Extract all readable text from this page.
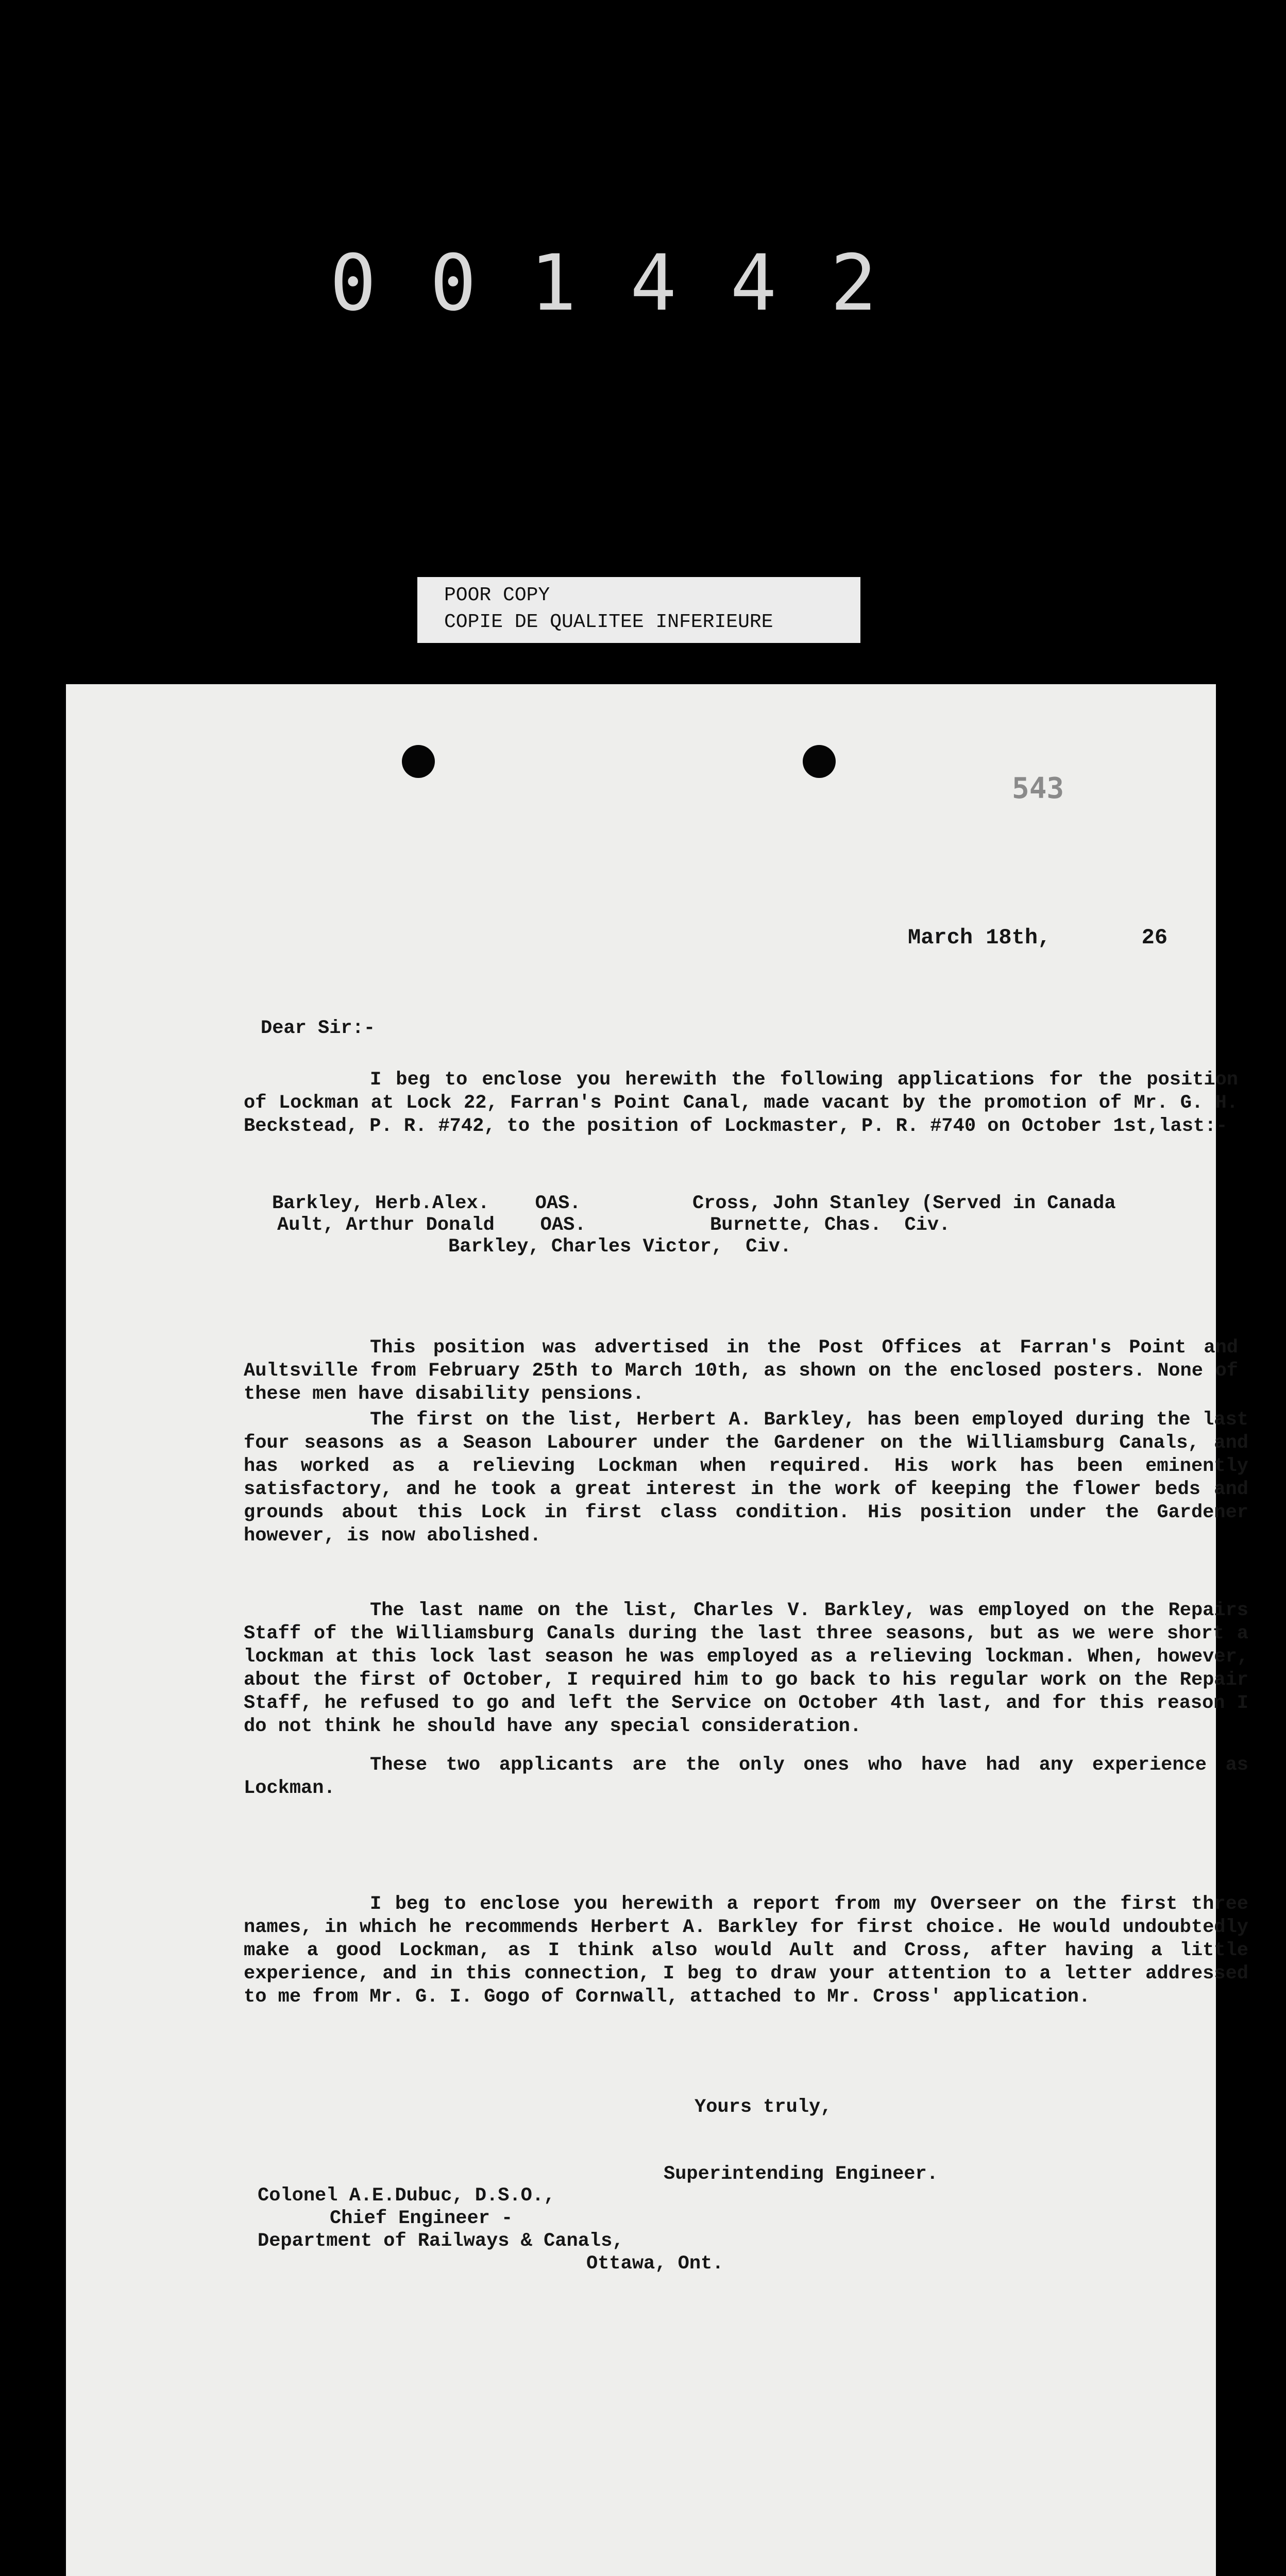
001442
POOR COPY
COPIE DE QUALITEE INFERIEURE
543
March 18th,       26
Dear Sir:-
I beg to enclose you herewith the following applications for the position of Lockman at Lock 22, Farran's Point Canal, made vacant by the promotion of Mr. G. H. Beckstead, P. R. #742, to the position of Lockmaster, P. R. #740 on October 1st,last:-
Barkley, Herb.Alex.    OAS.
Ault, Arthur Donald    OAS.
Cross, John Stanley (Served in Canada
Burnette, Chas.  Civ.
Barkley, Charles Victor,  Civ.
This position was advertised in the Post Offices at Farran's Point and Aultsville from February 25th to March 10th, as shown on the enclosed posters. None of these men have disability pensions.
The first on the list, Herbert A. Barkley, has been employed during the last four seasons as a Season Labourer under the Gardener on the Williamsburg Canals, and has worked as a relieving Lockman when required. His work has been eminently satisfactory, and he took a great interest in the work of keeping the flower beds and grounds about this Lock in first class condition. His position under the Gardener however, is now abolished.
The last name on the list, Charles V. Barkley, was employed on the Repairs Staff of the Williamsburg Canals during the last three seasons, but as we were short a lockman at this lock last season he was employed as a relieving lockman. When, however, about the first of October, I required him to go back to his regular work on the Repair Staff, he refused to go and left the Service on October 4th last, and for this reason I do not think he should have any special consideration.
These two applicants are the only ones who have had any experience as Lockman.
I beg to enclose you herewith a report from my Overseer on the first three names, in which he recommends Herbert A. Barkley for first choice. He would undoubtedly make a good Lockman, as I think also would Ault and Cross, after having a little experience, and in this connection, I beg to draw your attention to a letter addressed to me from Mr. G. I. Gogo of Cornwall, attached to Mr. Cross' application.
Yours truly,
Superintending Engineer.
Colonel A.E.Dubuc, D.S.O.,
Chief Engineer -
Department of Railways & Canals,
Ottawa, Ont.
